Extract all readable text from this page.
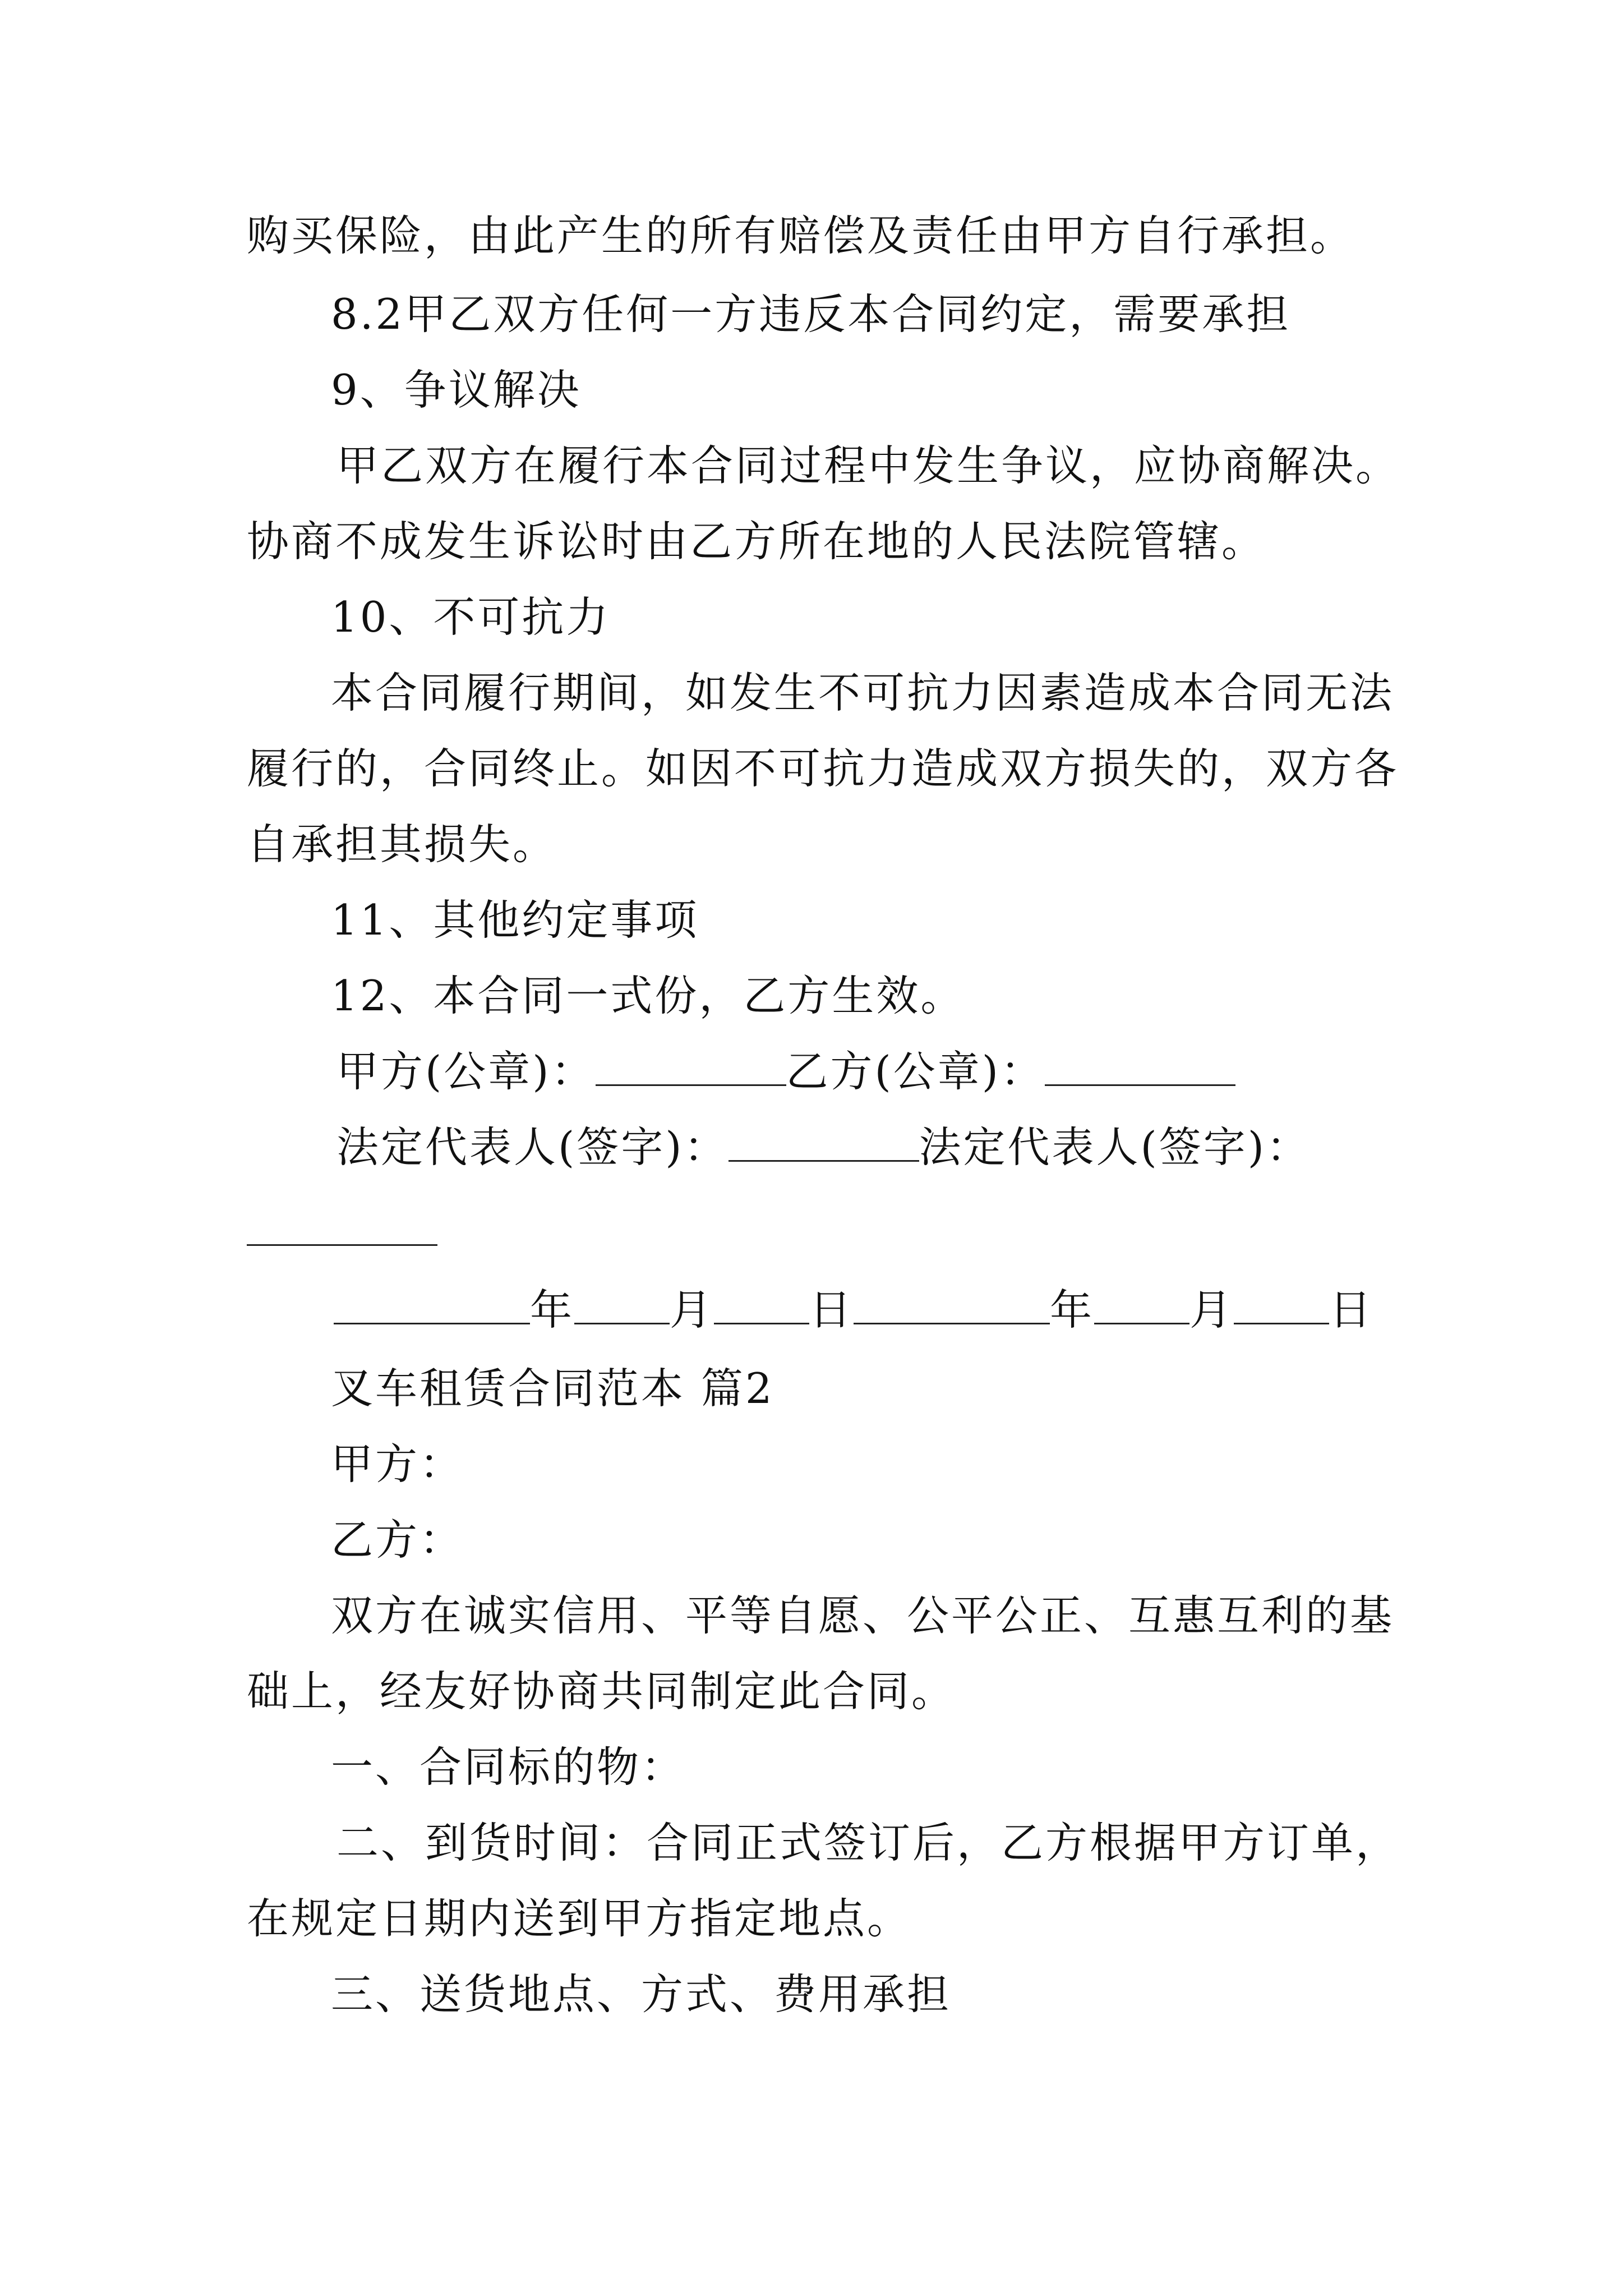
购买保险，由此产生的所有赔偿及责任由甲方自行承担。
8.2甲乙双方任何一方违反本合同约定，需要承担
9、争议解决
甲乙双方在履行本合同过程中发生争议，应协商解决。
协商不成发生诉讼时由乙方所在地的人民法院管辖。
10、不可抗力
本合同履行期间，如发生不可抗力因素造成本合同无法
履行的，合同终止。如因不可抗力造成双方损失的，双方各
自承担其损失。
11、其他约定事项
12、本合同一式份，乙方生效。
甲方(公章)：	乙方(公章)：
法定代表人(签字)：	法定代表人(签字)：
年 月 日	年 月 日
叉车租赁合同范本 篇2
甲方：
乙方：
双方在诚实信用、平等自愿、公平公正、互惠互利的基
础上，经友好协商共同制定此合同。
一、合同标的物：
二、到货时间：合同正式签订后，乙方根据甲方订单，
在规定日期内送到甲方指定地点。
三、送货地点、方式、费用承担
